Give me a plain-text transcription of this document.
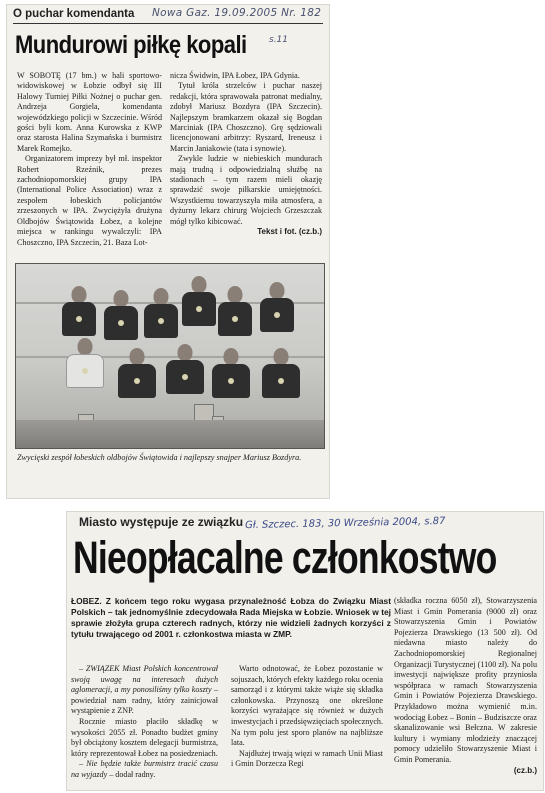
O puchar komendanta Nowa Gaz. 19.09.2005 Nr. 182
Mundurowi piłkę kopali s.11

W SOBOTĘ (17 bm.) w hali sportowo-widowiskowej w Łobzie odbył się III Halowy Turniej Piłki Nożnej o puchar gen. Andrzeja Gorgiela, komendanta wojewódzkiego policji w Szczecinie. Wśród gości byli kom. Anna Kurowska z KWP oraz starosta Halina Szymańska i burmistrz Marek Romejko.

Organizatorem imprezy był mł. inspektor Robert Rzeźnik, prezes zachodniopomorskiej grupy IPA (International Police Association) wraz z zespołem łobeskich policjantów zrzeszonych w IPA. Zwyciężyła drużyna Oldbojów Świątowida Łobez, a kolejne miejsca w rankingu wywalczyli: IPA Choszczno, IPA Szczecin, 21. Baza Lot-

nicza Świdwin, IPA Łobez, IPA Gdynia.

Tytuł króla strzelców i puchar naszej redakcji, która sprawowała patronat medialny, zdobył Mariusz Bozdyra (IPA Szczecin). Najlepszym bramkarzem okazał się Bogdan Marciniak (IPA Choszczno). Grę sędziowali licencjonowani arbitrzy: Ryszard, Ireneusz i Marcin Janiakowie (tata i synowie).

Zwykle ludzie w niebieskich mundurach mają trudną i odpowiedzialną służbę na stadionach – tym razem mieli okazję sprawdzić swoje piłkarskie umiejętności. Wszystkiemu towarzyszyła miła atmosfera, a dyżurny lekarz chirurg Wojciech Grzeszczak mógł tylko kibicować.

Tekst i fot. (cz.b.)
Zwycięski zespół łobeskich oldbojów Świątowida i najlepszy snajper Mariusz Bozdyra.
Miasto występuje ze związku Gł. Szczec. 183, 30 Września 2004, s.87
Nieopłacalne członkostwo
ŁOBEZ. Z końcem tego roku wygasa przynależność Łobza do Związku Miast Polskich – tak jednomyślnie zdecydowała Rada Miejska w Łobzie. Wniosek w tej sprawie złożyła grupa czterech radnych, którzy nie widzieli żadnych korzyści z tytułu trwającego od 2001 r. członkostwa miasta w ZMP.

– ZWIĄZEK Miast Polskich koncentrował swoją uwagę na interesach dużych aglomeracji, a my ponosiliśmy tylko koszty – powiedział nam radny, który zainicjował wystąpienie z ZNP.

Rocznie miasto płaciło składkę w wysokości 2055 zł. Ponadto budżet gminy był obciążony kosztem delegacji burmistrza, który reprezentował Łobez na posiedzeniach.

– Nie będzie także burmistrz tracić czasu na wyjazdy – dodał radny.

Warto odnotować, że Łobez pozostanie w sojuszach, których efekty każdego roku ocenia samorząd i z którymi także wiąże się składka członkowska. Przynoszą one określone korzyści wyrażające się również w dużych inwestycjach i przedsięwzięciach społecznych. Na tym polu jest sporo planów na najbliższe lata.

Najdłużej trwają więzi w ramach Unii Miast i Gmin Dorzecza Regi

(składka roczna 6050 zł), Stowarzyszenia Miast i Gmin Pomerania (9000 zł) oraz Stowarzyszenia Gmin i Powiatów Pojezierza Drawskiego (13 500 zł). Od niedawna miasto należy do Zachodniopomorskiej Regionalnej Organizacji Turystycznej (1100 zł). Na polu inwestycji największe profity przyniosła współpraca w ramach Stowarzyszenia Gmin i Powiatów Pojezierza Drawskiego. Przykładowo można wymienić m.in. wodociąg Łobez – Bonin – Budziszcze oraz skanalizowanie wsi Bełczna. W zakresie kultury i wymiany młodzieży znaczącej pomocy udzieliło Stowarzyszenie Miast i Gmin Pomerania.

(cz.b.)
